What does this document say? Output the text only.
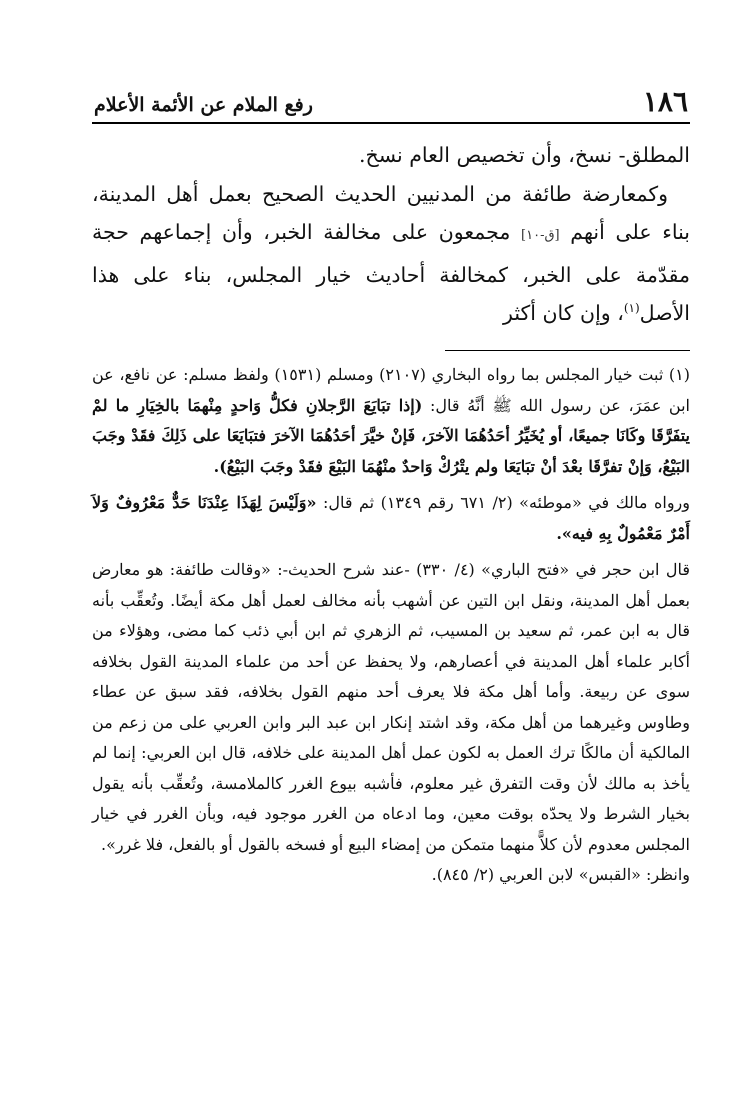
١٨٦
رفع الملام عن الأئمة الأعلام

المطلق- نسخ، وأن تخصيص العام نسخ.

وكمعارضة طائفة من المدنيين الحديث الصحيح بعمل أهل المدينة، بناء على أنهم [ق-١٠] مجمعون على مخالفة الخبر، وأن إجماعهم حجة مقدّمة على الخبر، كمخالفة أحاديث خيار المجلس، بناء على هذا الأصل$^{(١)}$، وإن كان أكثر

(١) ثبت خيار المجلس بما رواه البخاري (٢١٠٧) ومسلم (١٥٣١) ولفظ مسلم: عن نافع، عن ابن عمَرَ، عن رسول الله ﷺ أنَّهُ قال: (إذا تبَايَعَ الرَّجلانِ فكلُّ وَاحدٍ مِنْهمَا بالخِيَارِ ما لمْ يتفَرَّقَا وكَانَا جميعًا، أو يُخَيِّرُ أحَدُهُمَا الآخرَ، فَإنْ خيَّرَ أحَدُهُمَا الآخرَ فتبَايَعَا على ذَلِكَ فقَدْ وجَبَ البَيْعُ، وَإنْ تفرَّقَا بعْدَ أنْ تبَايَعَا ولم يتْرُكْ وَاحدٌ منْهُمَا البَيْعَ فقَدْ وجَبَ البَيْعُ).

ورواه مالك في «موطئه» (٢/ ٦٧١ رقم ١٣٤٩) ثم قال: «وَلَيْسَ لِهَذَا عِنْدَنَا حَدٌّ مَعْرُوفٌ وَلاَ أَمْرٌ مَعْمُولٌ بِهِ فيه».

قال ابن حجر في «فتح الباري» (٤/ ٣٣٠) -عند شرح الحديث-: «وقالت طائفة: هو معارض بعمل أهل المدينة، ونقل ابن التين عن أشهب بأنه مخالف لعمل أهل مكة أيضًا. وتُعقِّب بأنه قال به ابن عمر، ثم سعيد بن المسيب، ثم الزهري ثم ابن أبي ذئب كما مضى، وهؤلاء من أكابر علماء أهل المدينة في أعصارهم، ولا يحفظ عن أحد من علماء المدينة القول بخلافه سوى عن ربيعة. وأما أهل مكة فلا يعرف أحد منهم القول بخلافه، فقد سبق عن عطاء وطاوس وغيرهما من أهل مكة، وقد اشتد إنكار ابن عبد البر وابن العربي على من زعم من المالكية أن مالكًا ترك العمل به لكون عمل أهل المدينة على خلافه، قال ابن العربي: إنما لم يأخذ به مالك لأن وقت التفرق غير معلوم، فأشبه بيوع الغرر كالملامسة، وتُعقِّب بأنه يقول بخيار الشرط ولا يحدّه بوقت معين، وما ادعاه من الغرر موجود فيه، وبأن الغرر في خيار المجلس معدوم لأن كلاًّ منهما متمكن من إمضاء البيع أو فسخه بالقول أو بالفعل، فلا غرر».

وانظر: «القبس» لابن العربي (٢/ ٨٤٥).
